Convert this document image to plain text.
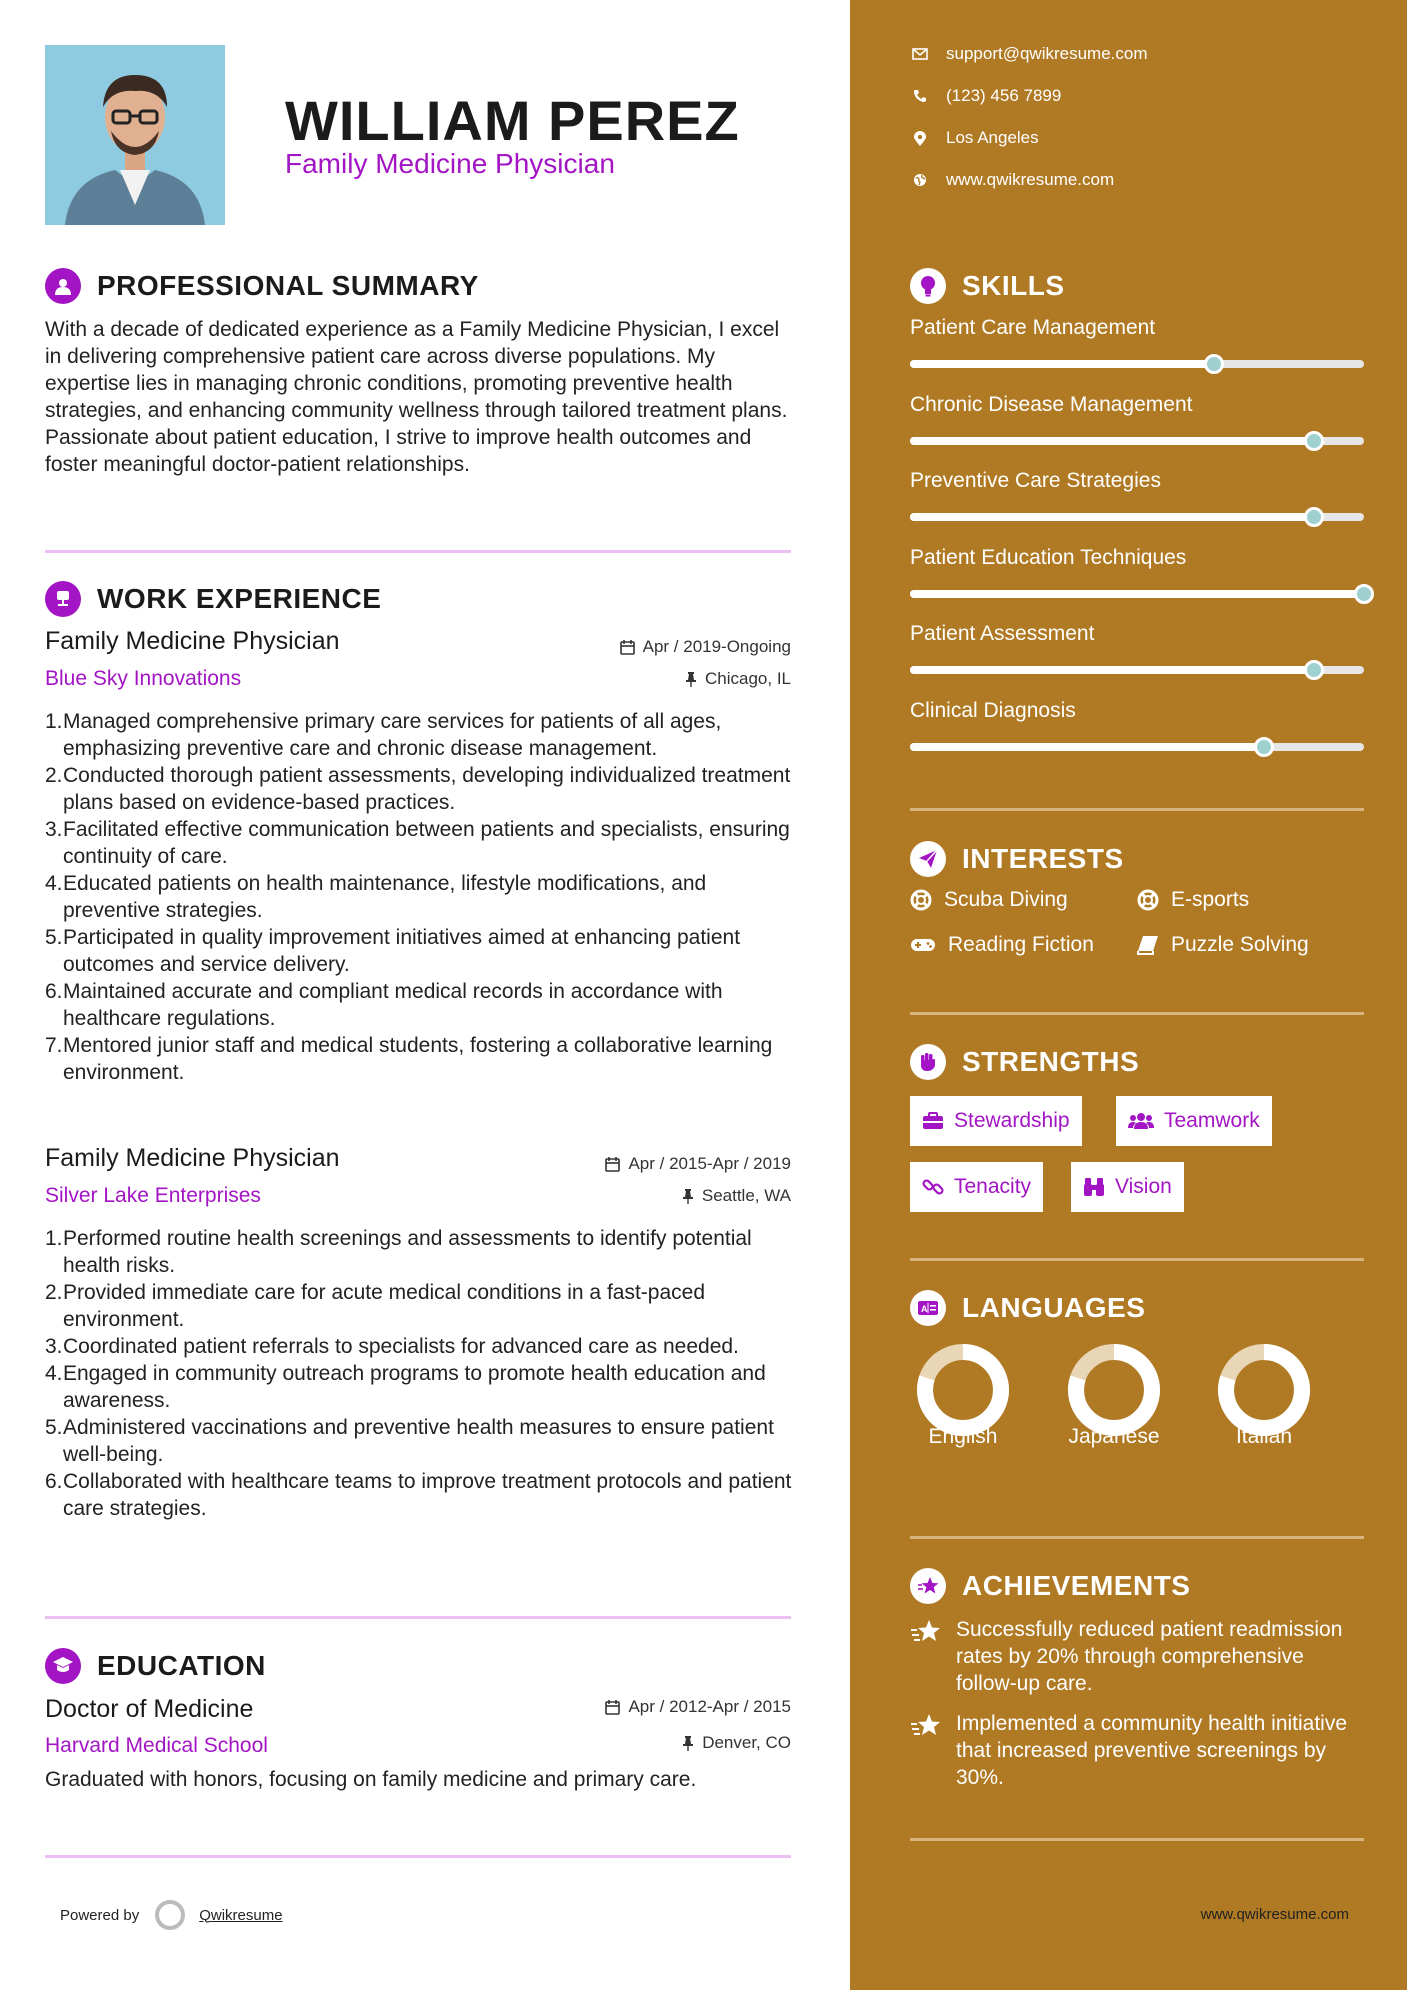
WILLIAM PEREZ
Family Medicine Physician
PROFESSIONAL SUMMARY
With a decade of dedicated experience as a Family Medicine Physician, I excel in delivering comprehensive patient care across diverse populations. My expertise lies in managing chronic conditions, promoting preventive health strategies, and enhancing community wellness through tailored treatment plans. Passionate about patient education, I strive to improve health outcomes and foster meaningful doctor-patient relationships.
WORK EXPERIENCE
Family Medicine Physician
Blue Sky Innovations
Apr / 2019-Ongoing
Chicago, IL
1. Managed comprehensive primary care services for patients of all ages, emphasizing preventive care and chronic disease management.
2. Conducted thorough patient assessments, developing individualized treatment plans based on evidence-based practices.
3. Facilitated effective communication between patients and specialists, ensuring continuity of care.
4. Educated patients on health maintenance, lifestyle modifications, and preventive strategies.
5. Participated in quality improvement initiatives aimed at enhancing patient outcomes and service delivery.
6. Maintained accurate and compliant medical records in accordance with healthcare regulations.
7. Mentored junior staff and medical students, fostering a collaborative learning environment.
Family Medicine Physician
Silver Lake Enterprises
Apr / 2015-Apr / 2019
Seattle, WA
1. Performed routine health screenings and assessments to identify potential health risks.
2. Provided immediate care for acute medical conditions in a fast-paced environment.
3. Coordinated patient referrals to specialists for advanced care as needed.
4. Engaged in community outreach programs to promote health education and awareness.
5. Administered vaccinations and preventive health measures to ensure patient well-being.
6. Collaborated with healthcare teams to improve treatment protocols and patient care strategies.
EDUCATION
Doctor of Medicine
Harvard Medical School
Apr / 2012-Apr / 2015
Denver, CO
Graduated with honors, focusing on family medicine and primary care.
Powered by	Qwikresume
support@qwikresume.com
(123) 456 7899
Los Angeles
www.qwikresume.com
SKILLS
Patient Care Management
Chronic Disease Management
Preventive Care Strategies
Patient Education Techniques
Patient Assessment
Clinical Diagnosis
INTERESTS
Scuba Diving	E-sports
Reading Fiction	Puzzle Solving
STRENGTHS
Stewardship	Teamwork
Tenacity	Vision
A LANGUAGES
English	Japanese	Italian
ACHIEVEMENTS
Successfully reduced patient readmission rates by 20% through comprehensive follow-up care.
Implemented a community health initiative that increased preventive screenings by 30%.
www.qwikresume.com
